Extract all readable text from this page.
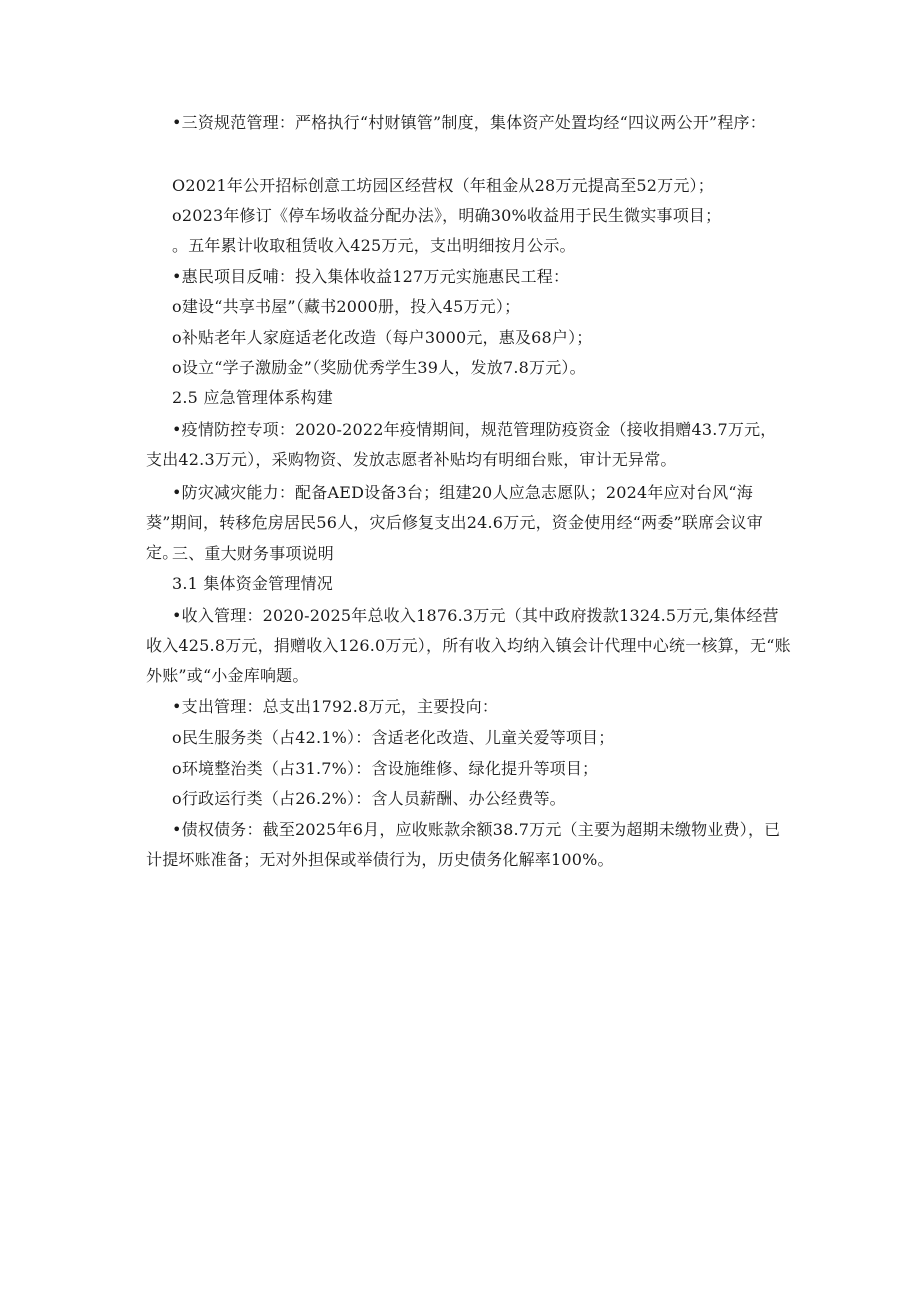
•三资规范管理：严格执行“村财镇管”制度，集体资产处置均经“四议两公开”程序：

O2021年公开招标创意工坊园区经营权（年租金从28万元提高至52万元）；

o2023年修订《停车场收益分配办法》，明确30%收益用于民生微实事项目；

。五年累计收取租赁收入425万元，支出明细按月公示。

•惠民项目反哺：投入集体收益127万元实施惠民工程：

o建设“共享书屋”（藏书2000册，投入45万元）；

o补贴老年人家庭适老化改造（每户3000元，惠及68户）；

o设立“学子激励金”（奖励优秀学生39人，发放7.8万元）。

2.5 应急管理体系构建

•疫情防控专项：2020-2022年疫情期间，规范管理防疫资金（接收捐赠43.7万元，支出42.3万元），采购物资、发放志愿者补贴均有明细台账，审计无异常。

•防灾减灾能力：配备AED设备3台；组建20人应急志愿队；2024年应对台风“海葵”期间，转移危房居民56人，灾后修复支出24.6万元，资金使用经“两委”联席会议审定。

三、重大财务事项说明

3.1 集体资金管理情况

•收入管理：2020-2025年总收入1876.3万元（其中政府拨款1324.5万元,集体经营收入425.8万元，捐赠收入126.0万元），所有收入均纳入镇会计代理中心统一核算，无“账外账”或“小金库响题。

•支出管理：总支出1792.8万元，主要投向：

o民生服务类（占42.1%）：含适老化改造、儿童关爱等项目；

o环境整治类（占31.7%）：含设施维修、绿化提升等项目；

o行政运行类（占26.2%）：含人员薪酬、办公经费等。

•债权债务：截至2025年6月，应收账款余额38.7万元（主要为超期未缴物业费），已计提坏账准备；无对外担保或举债行为，历史债务化解率100%。
